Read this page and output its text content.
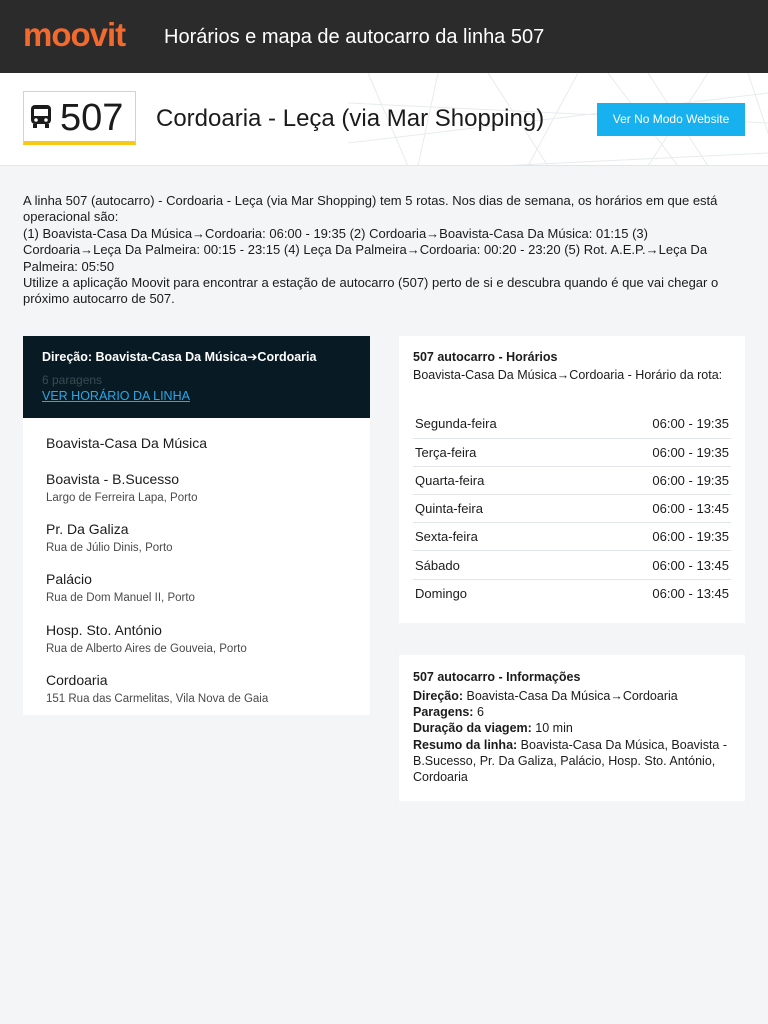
moovit Horários e mapa de autocarro da linha 507
507 Cordoaria - Leça (via Mar Shopping)	Ver No Modo Website
A linha 507 (autocarro) - Cordoaria - Leça (via Mar Shopping) tem 5 rotas. Nos dias de semana, os horários em que está operacional são:
(1) Boavista-Casa Da Música→Cordoaria: 06:00 - 19:35 (2) Cordoaria→Boavista-Casa Da Música: 01:15 (3) Cordoaria→Leça Da Palmeira: 00:15 - 23:15 (4) Leça Da Palmeira→Cordoaria: 00:20 - 23:20 (5) Rot. A.E.P.→Leça Da Palmeira: 05:50
Utilize a aplicação Moovit para encontrar a estação de autocarro (507) perto de si e descubra quando é que vai chegar o próximo autocarro de 507.
Direção: Boavista-Casa Da Música➔Cordoaria
6 paragens
VER HORÁRIO DA LINHA
Boavista-Casa Da Música
Boavista - B.Sucesso
Largo de Ferreira Lapa, Porto
Pr. Da Galiza
Rua de Júlio Dinis, Porto
Palácio
Rua de Dom Manuel II, Porto
Hosp. Sto. António
Rua de Alberto Aires de Gouveia, Porto
Cordoaria
151 Rua das Carmelitas, Vila Nova de Gaia
507 autocarro - Horários
Boavista-Casa Da Música→Cordoaria - Horário da rota:
Segunda-feira	06:00 - 19:35
Terça-feira	06:00 - 19:35
Quarta-feira	06:00 - 19:35
Quinta-feira	06:00 - 13:45
Sexta-feira	06:00 - 19:35
Sábado	06:00 - 13:45
Domingo	06:00 - 13:45
507 autocarro - Informações
Direção: Boavista-Casa Da Música→Cordoaria
Paragens: 6
Duração da viagem: 10 min
Resumo da linha: Boavista-Casa Da Música, Boavista - B.Sucesso, Pr. Da Galiza, Palácio, Hosp. Sto. António, Cordoaria
